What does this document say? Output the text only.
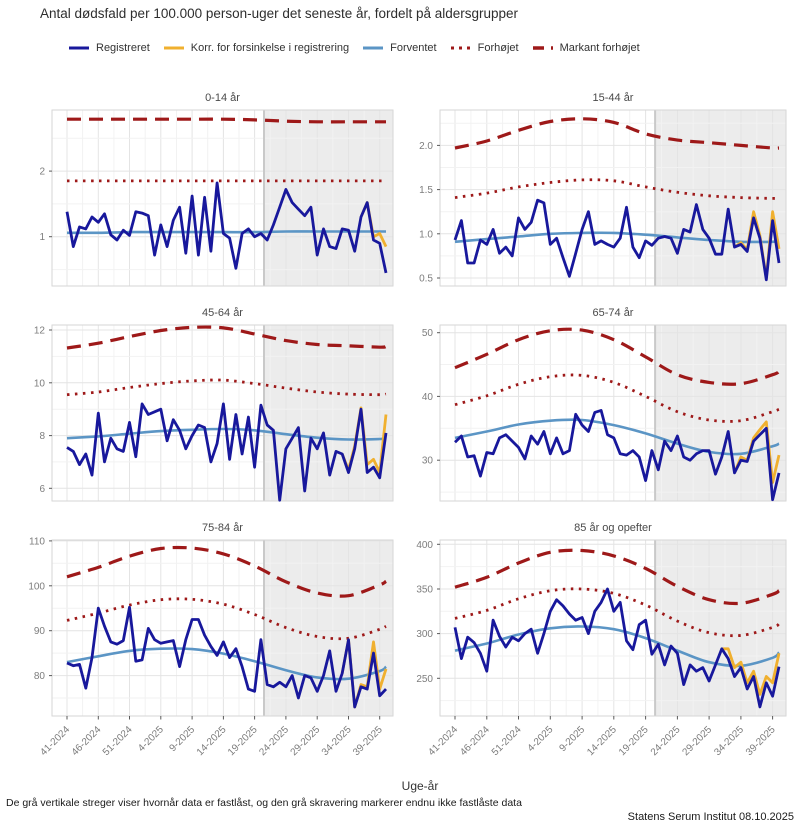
Antal dødsfald per 100.000 person-uger det seneste år, fordelt på aldersgrupper
Registreret	Korr. for forsinkelse i registrering	Forventet	Forhøjet	Markant forhøjet
1
2
0-14 år
0.5
1.0
1.5
2.0
15-44 år
6
8
10
12
45-64 år
30
40
50
65-74 år
80
90
100
110
75-84 år
250
300
350
400
85 år og opefter
41-2024
46-2024
51-2024 4-2025 9-2025
14-2025
19-2025
24-2025
29-2025
34-2025
39-2025	41-2024
46-2024
51-2024 4-2025 9-2025
14-2025
19-2025
24-2025
29-2025
34-2025
39-2025
Uge-år
De grå vertikale streger viser hvornår data er fastlåst, og den grå skravering markerer endnu ikke fastlåste data
Statens Serum Institut 08.10.2025
